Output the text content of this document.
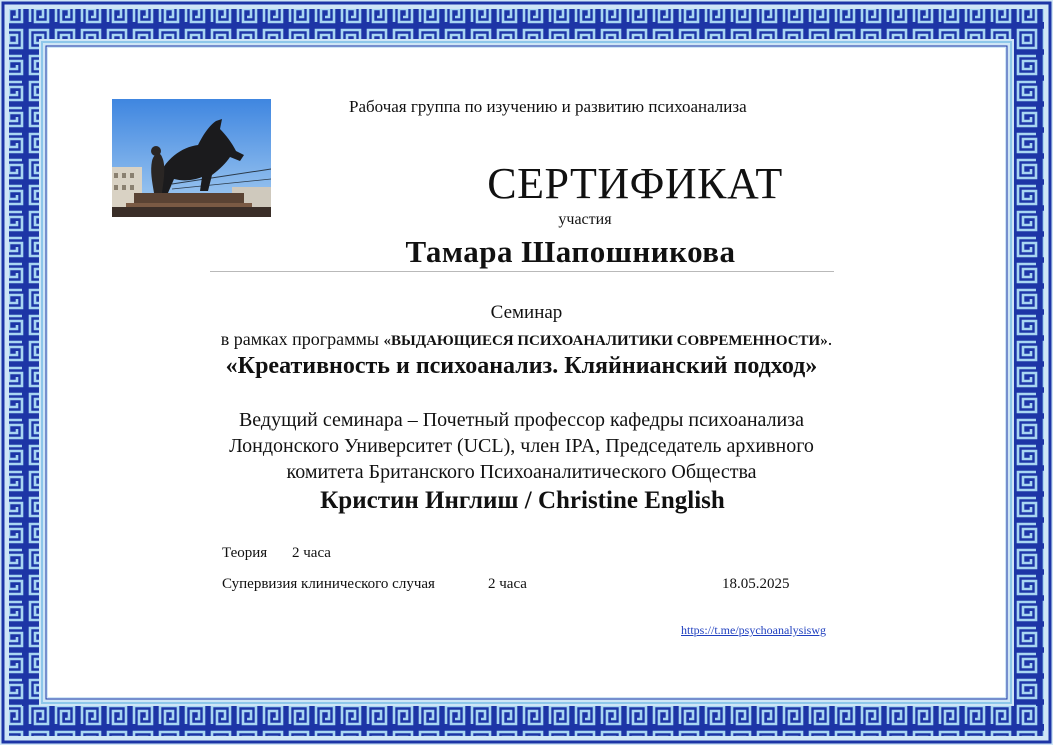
Рабочая группа по изучению и развитию психоанализа
СЕРТИФИКАТ
участия
Тамара Шапошникова
Семинар
в рамках программы «ВЫДАЮЩИЕСЯ ПСИХОАНАЛИТИКИ СОВРЕМЕННОСТИ».
«Креативность и психоанализ. Кляйнианский подход»
Ведущий семинара – Почетный профессор кафедры психоанализа
Лондонского Университет (UCL), член IPA, Председатель архивного
комитета Британского Психоаналитического Общества
Кристин Инглиш / Christine English
Теория 2 часа
Супервизия клинического случая	2 часа	18.05.2025
https://t.me/psychoanalysiswg
